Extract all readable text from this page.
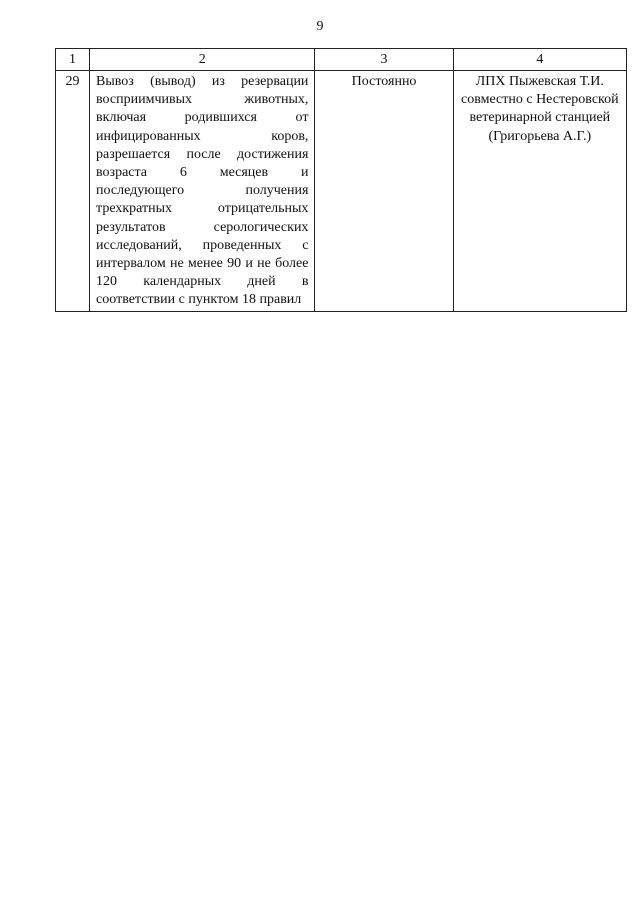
9
1	2	3	4
29	Вывоз (вывод) из резервации восприимчивых животных, включая родившихся от инфицированных коров, разрешается после достижения возраста 6 месяцев и последующего получения трехкратных отрицательных результатов серологических исследований, проведенных с интервалом не менее 90 и не более 120 календарных дней в соответствии с пунктом 18 правил	Постоянно	ЛПХ Пыжевская Т.И. совместно с Нестеровской ветеринарной станцией (Григорьева А.Г.)
